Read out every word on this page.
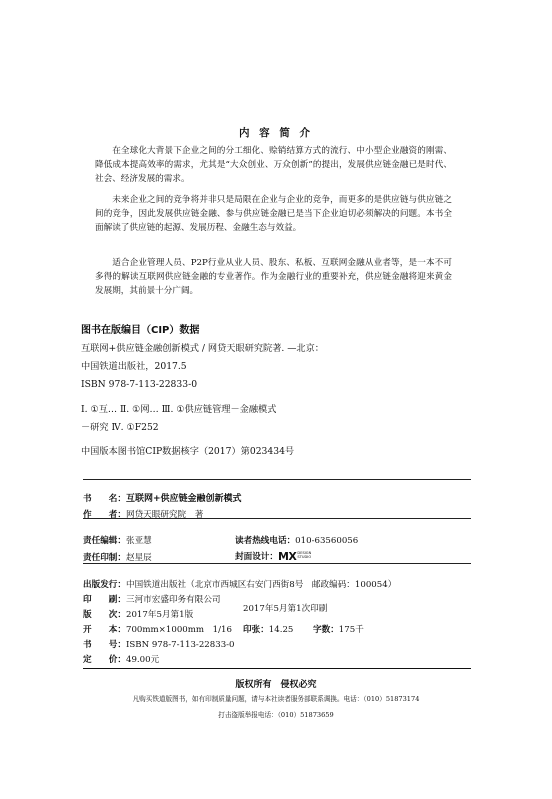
内 容 简 介
在全球化大背景下企业之间的分工细化、赊销结算方式的流行、中小型企业融资的刚需、降低成本提高效率的需求，尤其是“大众创业、万众创新”的提出，发展供应链金融已是时代、社会、经济发展的需求。
未来企业之间的竞争将并非只是局限在企业与企业的竞争，而更多的是供应链与供应链之间的竞争，因此发展供应链金融、参与供应链金融已是当下企业迫切必须解决的问题。本书全面解读了供应链的起源、发展历程、金融生态与效益。
适合企业管理人员、P2P行业从业人员、股东、私板、互联网金融从业者等，是一本不可多得的解读互联网供应链金融的专业著作。作为金融行业的重要补充，供应链金融将迎来黄金发展期，其前景十分广阔。
图书在版编目（CIP）数据
互联网+供应链金融创新模式 / 网贷天眼研究院著. —北京：
中国铁道出版社，2017.5
ISBN 978-7-113-22833-0
Ⅰ. ①互… Ⅱ. ①网… Ⅲ. ①供应链管理－金融模式
－研究 Ⅳ. ①F252
中国版本图书馆CIP数据核字（2017）第023434号
书　　名：互联网+供应链金融创新模式
作　　者：网贷天眼研究院　著
责任编辑：张亚慧	读者热线电话：010-63560056
责任印制：赵星辰	封面设计：MXDESIGN
STUDIO
出版发行：中国铁道出版社（北京市西城区右安门西街8号　邮政编码：100054）
印　　刷：三河市宏盛印务有限公司
版　　次：2017年5月第1版
2017年5月第1次印刷
开　　本：700mm×1000mm　1/16 印张：14.25 字数：175千
书　　号：ISBN 978-7-113-22833-0
定　　价：49.00元
版权所有　侵权必究
凡购买铁道版图书，如有印制质量问题，请与本社读者服务部联系调换。电话：（010）51873174
打击盗版举报电话：（010）51873659
